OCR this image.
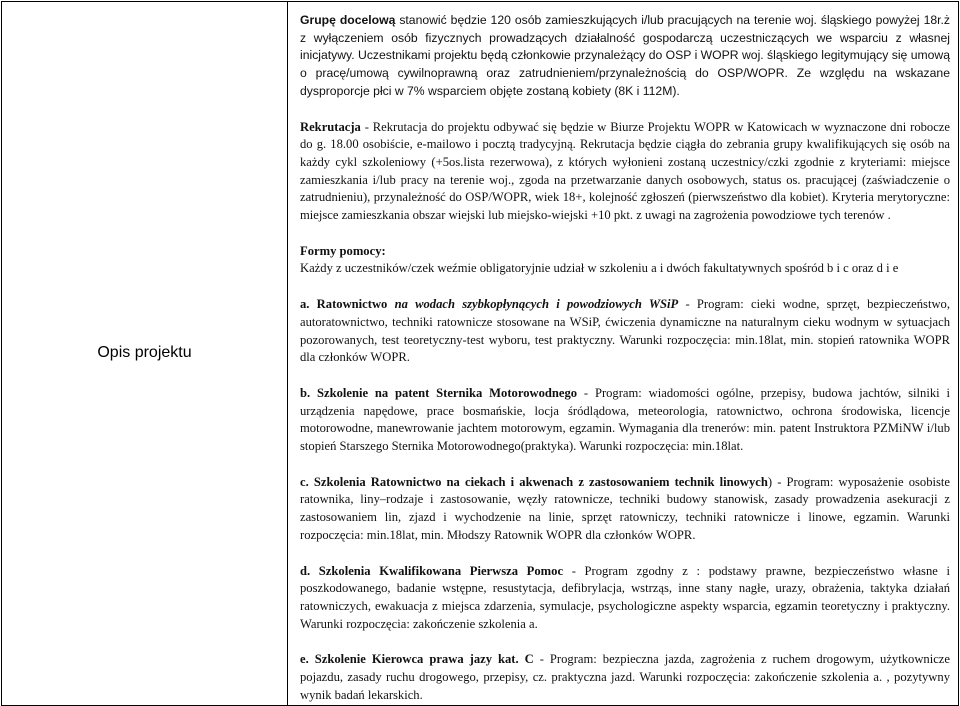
Opis projektu	

Grupę docelową stanowić będzie 120 osób zamieszkujących i/lub pracujących na terenie woj. śląskiego powyżej 18r.ż z wyłączeniem osób fizycznych prowadzących działalność gospodarczą uczestniczących we wsparciu z własnej inicjatywy. Uczestnikami projektu będą członkowie przynależący do OSP i WOPR woj. śląskiego legitymujący się umową o pracę/umową cywilnoprawną oraz zatrudnieniem/przynależnością do OSP/WOPR. Ze względu na wskazane dysproporcje płci w 7% wsparciem objęte zostaną kobiety (8K i 112M).

Rekrutacja - Rekrutacja do projektu odbywać się będzie w Biurze Projektu WOPR w Katowicach w wyznaczone dni robocze do g. 18.00 osobiście, e-mailowo i pocztą tradycyjną. Rekrutacja będzie ciągła do zebrania grupy kwalifikujących się osób na każdy cykl szkoleniowy (+5os.lista rezerwowa), z których wyłonieni zostaną uczestnicy/czki zgodnie z kryteriami: miejsce zamieszkania i/lub pracy na terenie woj., zgoda na przetwarzanie danych osobowych, status os. pracującej (zaświadczenie o zatrudnieniu), przynależność do OSP/WOPR, wiek 18+, kolejność zgłoszeń (pierwszeństwo dla kobiet). Kryteria merytoryczne: miejsce zamieszkania obszar wiejski lub miejsko-wiejski +10 pkt. z uwagi na zagrożenia powodziowe tych terenów .

Formy pomocy:

Każdy z uczestników/czek weźmie obligatoryjnie udział w szkoleniu a i dwóch fakultatywnych spośród b i c oraz d i e

a. Ratownictwo na wodach szybkopłynących i powodziowych WSiP - Program: cieki wodne, sprzęt, bezpieczeństwo, autoratownictwo, techniki ratownicze stosowane na WSiP, ćwiczenia dynamiczne na naturalnym cieku wodnym w sytuacjach pozorowanych, test teoretyczny-test wyboru, test praktyczny. Warunki rozpoczęcia: min.18lat, min. stopień ratownika WOPR dla członków WOPR.

b. Szkolenie na patent Sternika Motorowodnego - Program: wiadomości ogólne, przepisy, budowa jachtów, silniki i urządzenia napędowe, prace bosmańskie, locja śródlądowa, meteorologia, ratownictwo, ochrona środowiska, licencje motorowodne, manewrowanie jachtem motorowym, egzamin. Wymagania dla trenerów: min. patent Instruktora PZMiNW i/lub stopień Starszego Sternika Motorowodnego(praktyka). Warunki rozpoczęcia: min.18lat.

c. Szkolenia Ratownictwo na ciekach i akwenach z zastosowaniem technik linowych) - Program: wyposażenie osobiste ratownika, liny–rodzaje i zastosowanie, węzły ratownicze, techniki budowy stanowisk, zasady prowadzenia asekuracji z zastosowaniem lin, zjazd i wychodzenie na linie, sprzęt ratowniczy, techniki ratownicze i linowe, egzamin. Warunki rozpoczęcia: min.18lat, min. Młodszy Ratownik WOPR dla członków WOPR.

d. Szkolenia Kwalifikowana Pierwsza Pomoc - Program zgodny z : podstawy prawne, bezpieczeństwo własne i poszkodowanego, badanie wstępne, resustytacja, defibrylacja, wstrząs, inne stany nagłe, urazy, obrażenia, taktyka działań ratowniczych, ewakuacja z miejsca zdarzenia, symulacje, psychologiczne aspekty wsparcia, egzamin teoretyczny i praktyczny. Warunki rozpoczęcia: zakończenie szkolenia a.

e. Szkolenie Kierowca prawa jazy kat. C - Program: bezpieczna jazda, zagrożenia z ruchem drogowym, użytkownicze pojazdu, zasady ruchu drogowego, przepisy, cz. praktyczna jazd. Warunki rozpoczęcia: zakończenie szkolenia a. , pozytywny wynik badań lekarskich.
